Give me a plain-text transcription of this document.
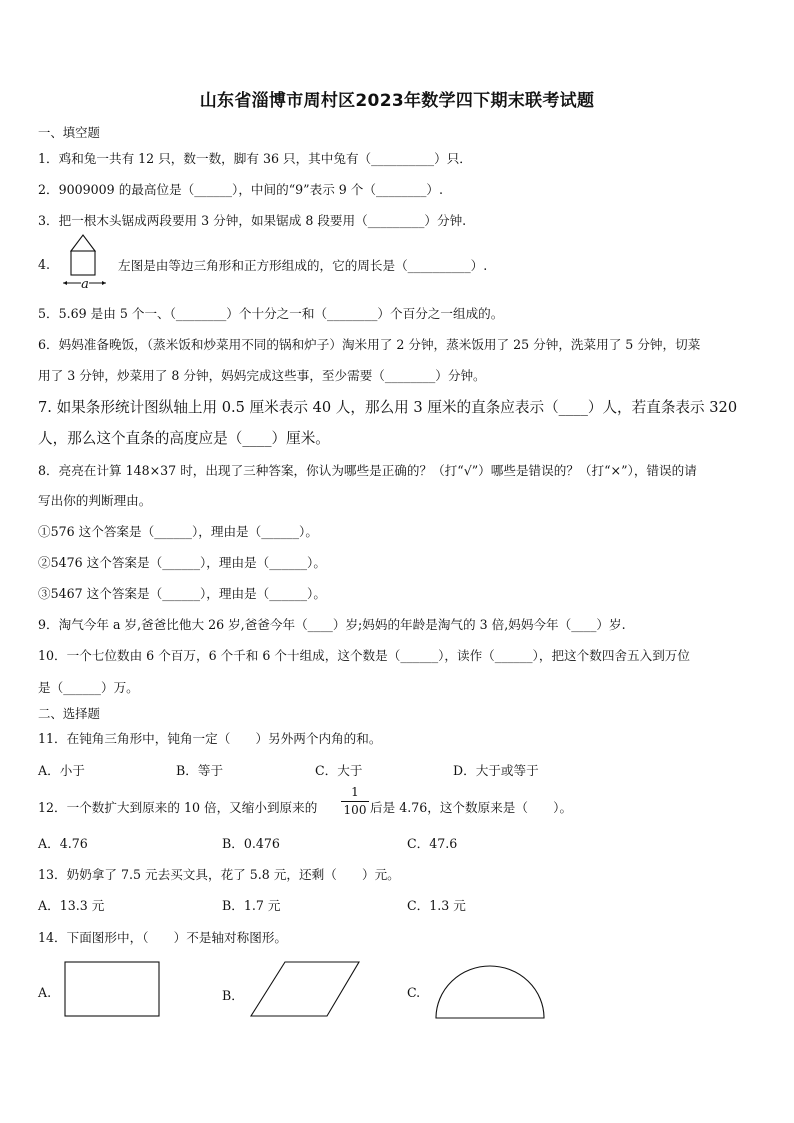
山东省淄博市周村区2023年数学四下期末联考试题
一、填空题
1．鸡和兔一共有 12 只，数一数，脚有 36 只，其中兔有（__________）只．
2．9009009 的最高位是（______），中间的“9”表示 9 个（________）.
3．把一根木头锯成两段要用 3 分钟，如果锯成 8 段要用（_________）分钟.
4.
a
左图是由等边三角形和正方形组成的，它的周长是（__________）.
5．5.69 是由 5 个一、（________）个十分之一和（________）个百分之一组成的。
6．妈妈准备晚饭，（蒸米饭和炒菜用不同的锅和炉子）淘米用了 2 分钟，蒸米饭用了 25 分钟，洗菜用了 5 分钟，切菜
用了 3 分钟，炒菜用了 8 分钟，妈妈完成这些事，至少需要（________）分钟。
7. 如果条形统计图纵轴上用 0.5 厘米表示 40 人，那么用 3 厘米的直条应表示（____）人，若直条表示 320
人，那么这个直条的高度应是（____）厘米。
8．亮亮在计算 148×37 时，出现了三种答案，你认为哪些是正确的？（打“√”）哪些是错误的？（打“×”），错误的请
写出你的判断理由。
①576 这个答案是（______），理由是（______）。
②5476 这个答案是（______），理由是（______）。
③5467 这个答案是（______），理由是（______）。
9．淘气今年 a 岁,爸爸比他大 26 岁,爸爸今年（____）岁;妈妈的年龄是淘气的 3 倍,妈妈今年（____）岁.
10．一个七位数由 6 个百万，6 个千和 6 个十组成，这个数是（______），读作（______），把这个数四舍五入到万位
是（______）万。
二、选择题
11．在钝角三角形中，钝角一定（　　）另外两个内角的和。
A．小于	B．等于	C．大于	D．大于或等于
12．一个数扩大到原来的 10 倍，又缩小到原来的
1
100 后是 4.76，这个数原来是（　　）。
A．4.76	B．0.476	C．47.6
13．奶奶拿了 7.5 元去买文具，花了 5.8 元，还剩（　　）元。
A．13.3 元	B．1.7 元	C．1.3 元
14．下面图形中，（　　）不是轴对称图形。
A.	B．	C.
